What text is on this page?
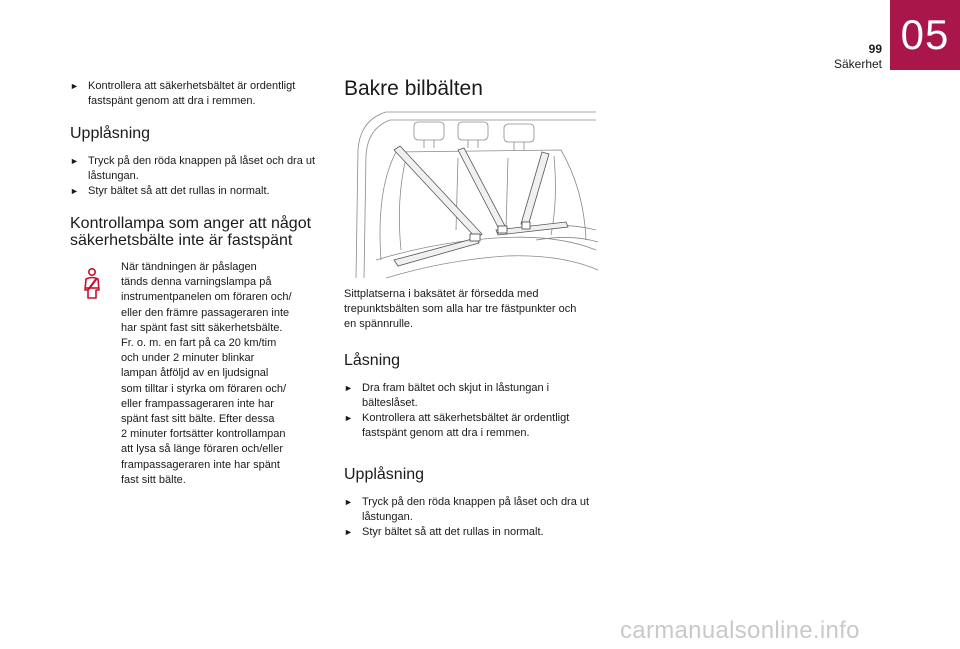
05
99
Säkerhet

► Kontrollera att säkerhetsbältet är ordentligt fastspänt genom att dra i remmen.

Upplåsning

► Tryck på den röda knappen på låset och dra ut låstungan.

► Styr bältet så att det rullas in normalt.

Kontrollampa som anger att något
säkerhetsbälte inte är fastspänt

När tändningen är påslagen
tänds denna varningslampa på
instrumentpanelen om föraren och/
eller den främre passageraren inte
har spänt fast sitt säkerhetsbälte.
Fr. o. m. en fart på ca 20 km/tim
och under 2 minuter blinkar
lampan åtföljd av en ljudsignal
som tilltar i styrka om föraren och/
eller frampassageraren inte har
spänt fast sitt bälte. Efter dessa
2 minuter fortsätter kontrollampan
att lysa så länge föraren och/eller
frampassageraren inte har spänt
fast sitt bälte.

Bakre bilbälten

Sittplatserna i baksätet är försedda med trepunktsbälten som alla har tre fästpunkter och en spännrulle.

Låsning

► Dra fram bältet och skjut in låstungan i bälteslåset.

► Kontrollera att säkerhetsbältet är ordentligt fastspänt genom att dra i remmen.

Upplåsning

► Tryck på den röda knappen på låset och dra ut låstungan.

► Styr bältet så att det rullas in normalt.

carmanualsonline.info
